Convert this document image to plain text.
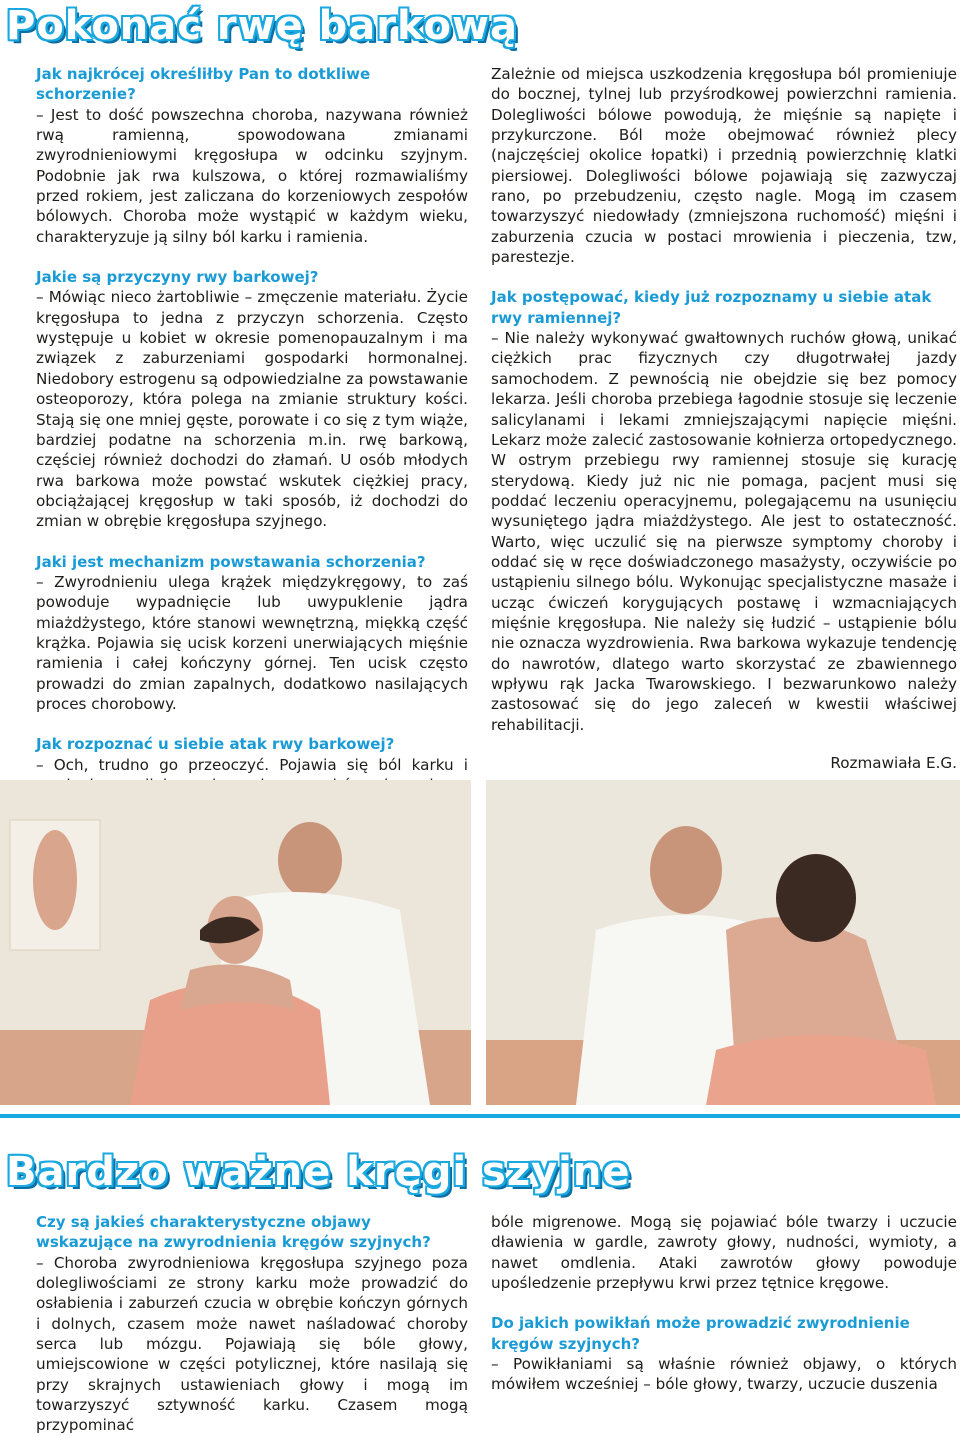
Pokonać rwę barkową
Jak najkrócej określiłby Pan to dotkliwe schorzenie?

– Jest to dość powszechna choroba, nazywana również rwą ramienną, spowodowana zmianami zwyrodnieniowymi kręgosłupa w odcinku szyjnym. Podobnie jak rwa kulszowa, o której rozmawialiśmy przed rokiem, jest zaliczana do korzeniowych zespołów bólowych. Choroba może wystąpić w każdym wieku, charakteryzuje ją silny ból karku i ramienia.

Jakie są przyczyny rwy barkowej?

– Mówiąc nieco żartobliwie – zmęczenie materiału. Życie kręgosłupa to jedna z przyczyn schorzenia. Często występuje u kobiet w okresie pomenopauzalnym i ma związek z zaburzeniami gospodarki hormonalnej. Niedobory estrogenu są odpowiedzialne za powstawanie osteoporozy, która polega na zmianie struktury kości. Stają się one mniej gęste, porowate i co się z tym wiąże, bardziej podatne na schorzenia m.in. rwę barkową, częściej również dochodzi do złamań. U osób młodych rwa barkowa może powstać wskutek ciężkiej pracy, obciążającej kręgosłup w taki sposób, iż dochodzi do zmian w obrębie kręgosłupa szyjnego.

Jaki jest mechanizm powstawania schorzenia?

– Zwyrodnieniu ulega krążek międzykręgowy, to zaś powoduje wypadnięcie lub uwypuklenie jądra miażdżystego, które stanowi wewnętrzną, miękką część krążka. Pojawia się ucisk korzeni unerwiających mięśnie ramienia i całej kończyny górnej. Ten ucisk często prowadzi do zmian zapalnych, dodatkowo nasilających proces chorobowy.

Jak rozpoznać u siebie atak rwy barkowej?

– Och, trudno go przeoczyć. Pojawia się ból karku i

Zależnie od miejsca uszkodzenia kręgosłupa ból promieniuje do bocznej, tylnej lub przyśrodkowej powierzchni ramienia. Dolegliwości bólowe powodują, że mięśnie są napięte i przykurczone. Ból może obejmować również plecy (najczęściej okolice łopatki) i przednią powierzchnię klatki piersiowej. Dolegliwości bólowe pojawiają się zazwyczaj rano, po przebudzeniu, często nagle. Mogą im czasem towarzyszyć niedowłady (zmniejszona ruchomość) mięśni i zaburzenia czucia w postaci mrowienia i pieczenia, tzw, parestezje.

Jak postępować, kiedy już rozpoznamy u siebie atak rwy ramiennej?

– Nie należy wykonywać gwałtownych ruchów głową, unikać ciężkich prac fizycznych czy długotrwałej jazdy samochodem. Z pewnością nie obejdzie się bez pomocy lekarza. Jeśli choroba przebiega łagodnie stosuje się leczenie salicylanami i lekami zmniejszającymi napięcie mięśni. Lekarz może zalecić zastosowanie kołnierza ortopedycznego. W ostrym przebiegu rwy ramiennej stosuje się kurację sterydową. Kiedy już nic nie pomaga, pacjent musi się poddać leczeniu operacyjnemu, polegającemu na usunięciu wysuniętego jądra miażdżystego. Ale jest to ostateczność. Warto, więc uczulić się na pierwsze symptomy choroby i oddać się w ręce doświadczonego masażysty, oczywiście po ustąpieniu silnego bólu. Wykonując specjalistyczne masaże i ucząc ćwiczeń korygujących postawę i wzmacniających mięśnie kręgosłupa. Nie należy się łudzić – ustąpienie bólu nie oznacza wyzdrowienia. Rwa barkowa wykazuje tendencję do nawrotów, dlatego warto skorzystać ze zbawiennego wpływu rąk Jacka Twarowskiego. I bezwarunkowo należy zastosować się do jego zaleceń w kwestii właściwej rehabilitacji.

Rozmawiała E.G.

Bardzo ważne kręgi szyjne
Czy są jakieś charakterystyczne objawy wskazujące na zwyrodnienia kręgów szyjnych?

– Choroba zwyrodnieniowa kręgosłupa szyjnego poza dolegliwościami ze strony karku może prowadzić do osłabienia i zaburzeń czucia w obrębie kończyn górnych i dolnych, czasem może nawet naśladować choroby serca lub mózgu. Pojawiają się bóle głowy, umiejscowione w części potylicznej, które nasilają się przy skrajnych ustawieniach głowy i mogą im towarzyszyć sztywność karku. Czasem mogą przypominać

bóle migrenowe. Mogą się pojawiać bóle twarzy i uczucie dławienia w gardle, zawroty głowy, nudności, wymioty, a nawet omdlenia. Ataki zawrotów głowy powoduje upośledzenie przepływu krwi przez tętnice kręgowe.

Do jakich powikłań może prowadzić zwyrodnienie kręgów szyjnych?

– Powikłaniami są właśnie również objawy, o których mówiłem wcześniej – bóle głowy, twarzy, uczucie duszenia
